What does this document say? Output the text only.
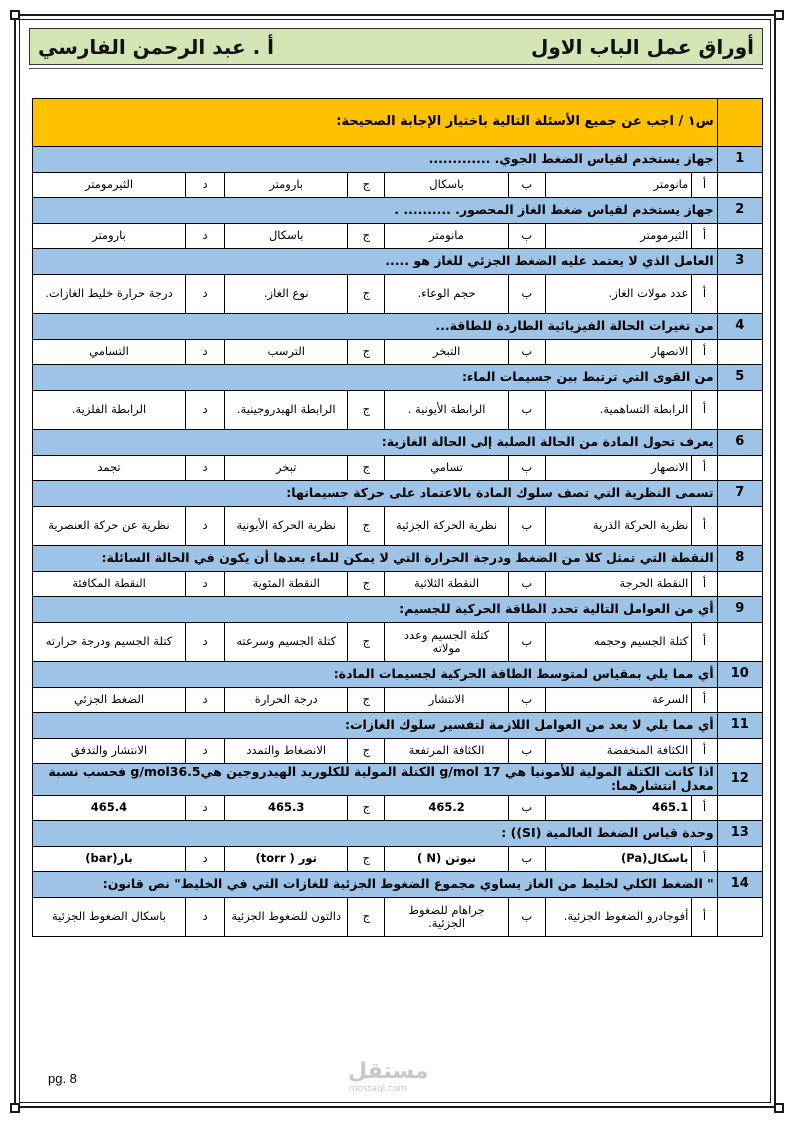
أوراق عمل الباب الاول
أ . عبد الرحمن الفارسي
	س١ / اجب عن جميع الأسئلة التالية باختيار الإجابة الصحيحة:							
1	جهاز يستخدم لقياس الضغط الجوي. .............							
	أ	مانومتر	ب	باسكال	ج	بارومتر	د	الثيرمومتر
2	جهاز يستخدم لقياس ضغط الغاز المحصور. .......... .							
	أ	الثيرمومتر	ب	مانومتر	ج	باسكال	د	بارومتر
3	العامل الذي لا يعتمد عليه الضغط الجزئي للغاز هو .....							
	أ	عدد مولات الغاز.	ب	حجم الوعاء.	ج	نوع الغاز.	د	درجة حرارة خليط الغازات.
4	من تغيرات الحالة الفيزيائية الطاردة للطاقة...							
	أ	الانصهار	ب	التبخر	ج	الترسب	د	التسامي
5	من القوى التي ترتبط بين جسيمات الماء:							
	أ	الرابطة التساهمية.	ب	الرابطة الأيونية .	ج	الرابطة الهيدروجينية.	د	الرابطة الفلزية.
6	يعرف تحول المادة من الحالة الصلبة إلى الحالة الغازية:							
	أ	الانصهار	ب	تسامي	ج	تبخر	د	تجمد
7	تسمى النظرية التي تصف سلوك المادة بالاعتماد على حركة جسيماتها:							
	أ	نظرية الحركة الذرية	ب	نظرية الحركة الجزئية	ج	نظرية الحركة الأيونية	د	نظرية عن حركة العنصرية
8	النقطة التي تمثل كلا من الضغط ودرجة الحرارة التي لا يمكن للماء بعدها أن يكون في الحالة السائلة:							
	أ	النقطة الحرجة	ب	النقطة الثلاثية	ج	النقطة المئوية	د	النقطة المكافئة
9	أي من العوامل التالية تحدد الطاقة الحركية للجسيم:							
	أ	كتلة الجسيم وحجمه	ب	كتلة الجسيم وعدد مولاته	ج	كتلة الجسيم وسرعته	د	كتلة الجسيم ودرجة حرارته
10	أي مما يلي بمقياس لمتوسط الطاقة الحركية لجسيمات المادة:							
	أ	السرعة	ب	الانتشار	ج	درجة الحرارة	د	الضغط الجزئي
11	أي مما يلي لا يعد من العوامل اللازمة لتفسير سلوك الغازات:							
	أ	الكثافة المنخفضة	ب	الكثافة المرتفعة	ج	الانضغاط والتمدد	د	الانتشار والتدفق
12	اذا كانت الكتلة المولية للأمونيا هي g/mol 17 الكتلة المولية للكلوريد الهيدروجين هيg/mol36.5 فحسب نسبة معدل انتشارهما:							
	أ	465.1	ب	465.2	ج	465.3	د	465.4
13	وحدة قياس الضغط العالمية (SI)) :							
	أ	باسكال(Pa)	ب	نيوتن (N )	ج	تور ( torr)	د	بار(bar)
14	" الضغط الكلي لخليط من الغاز يساوي مجموع الضغوط الجزئية للغازات التي في الخليط" نص قانون:							
	أ	أفوجادرو الضغوط الجزئية.	ب	جراهام للضغوط الجزئية.	ج	دالتون للضغوط الجزئية	د	باسكال الضغوط الجزئية
pg. 8	مستقل
mostaql.com
